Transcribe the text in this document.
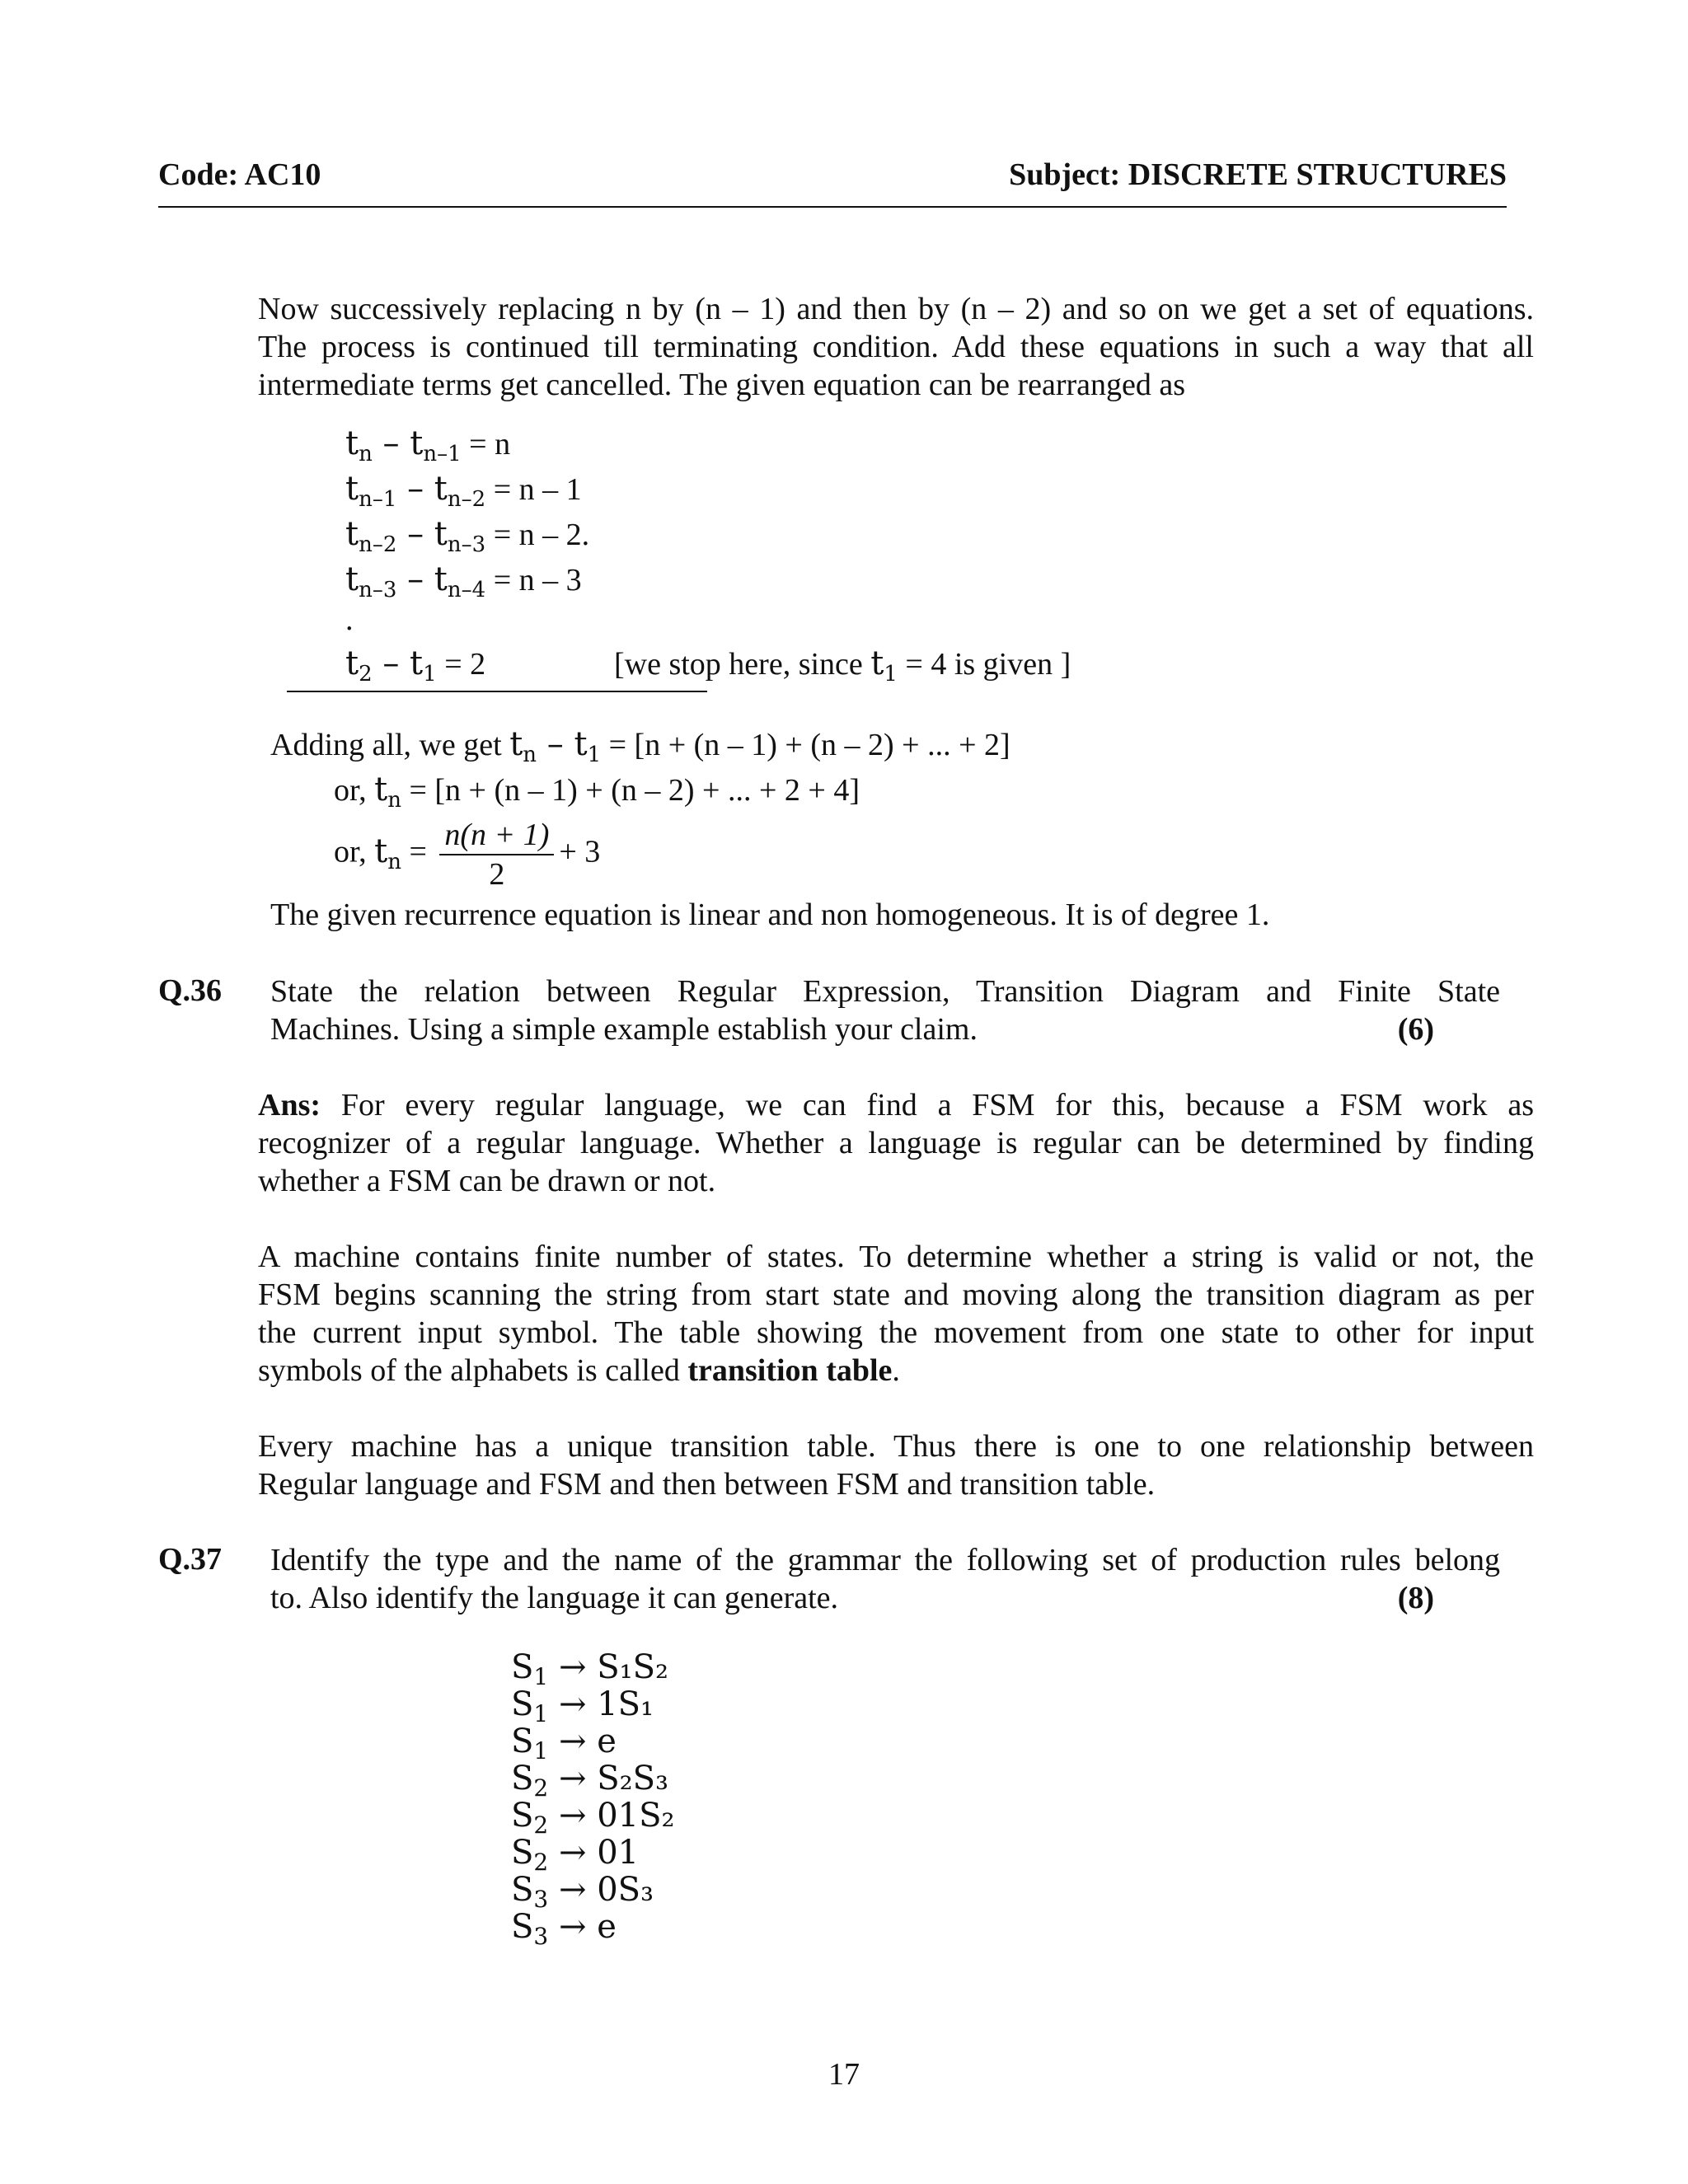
Code: AC10	Subject: DISCRETE STRUCTURES
Now successively replacing n by (n – 1) and then by (n – 2) and so on we get a set of equations.
The process is continued till terminating condition. Add these equations in such a way that all
intermediate terms get cancelled. The given equation can be rearranged as
$t_n - t_{n-1} = n$
$t_{n-1} - t_{n-2} = n - 1$
$t_{n-2} - t_{n-3} = n - 2$.
$t_{n-3} - t_{n-4} = n - 3$
.
$t_2 - t_1 = 2$	[we stop here, since $t_1 = 4$ is given ]
Adding all, we get $t_n - t_1 = [n + (n - 1) + (n - 2)$ + ... + 2]
or, $t_n = [n + (n - 1) + (n - 2)$ + ... + 2 + 4]
or, $t_n = \frac{n(n + 1)}{2} + 3$
The given recurrence equation is linear and non homogeneous. It is of degree 1.
Q.36 State the relation between Regular Expression, Transition Diagram and Finite State
Machines. Using a simple example establish your claim.	(6)
Ans: For every regular language, we can find a FSM for this, because a FSM work as
recognizer of a regular language. Whether a language is regular can be determined by finding
whether a FSM can be drawn or not.
A machine contains finite number of states. To determine whether a string is valid or not, the
FSM begins scanning the string from start state and moving along the transition diagram as per
the current input symbol. The table showing the movement from one state to other for input
symbols of the alphabets is called transition table.
Every machine has a unique transition table. Thus there is one to one relationship between
Regular language and FSM and then between FSM and transition table.
Q.37 Identify the type and the name of the grammar the following set of production rules belong
to. Also identify the language it can generate.	(8)
$S_1 \to S_1S_2$
$S_1 \to 1S_1$
$S_1 \to e$
$S_2 \to S_2S_3$
$S_2 \to 01S_2$
$S_2 \to 01$
$S_3 \to 0S_3$
$S_3 \to e$
17
